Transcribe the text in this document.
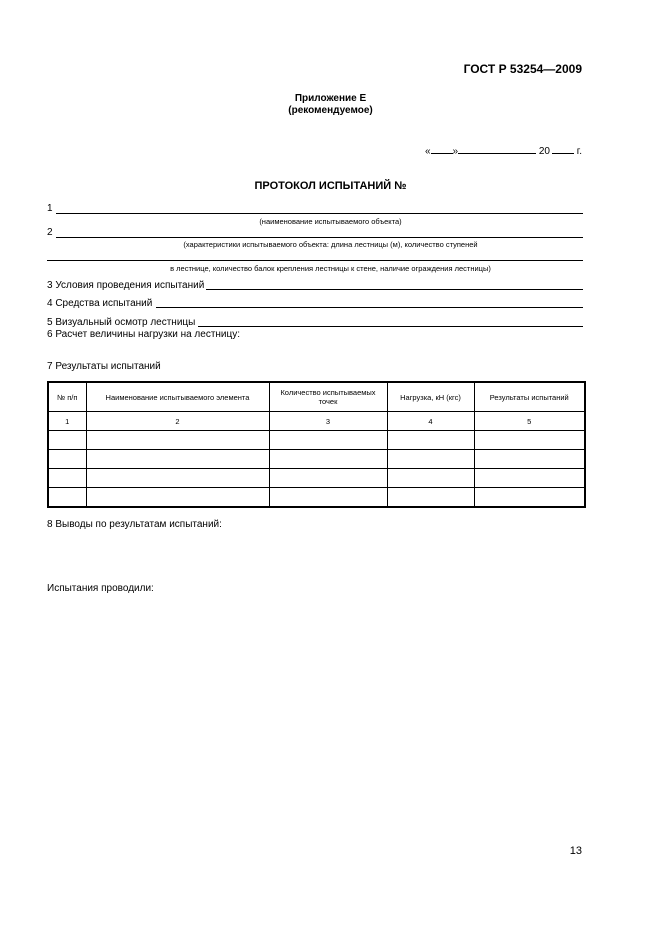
ГОСТ Р 53254—2009
Приложение Е
(рекомендуемое)
« »	20	г.
ПРОТОКОЛ ИСПЫТАНИЙ №
1
(наименование испытываемого объекта)
2
(характеристики испытываемого объекта: длина лестницы (м), количество ступеней
в лестнице, количество балок крепления лестницы к стене, наличие ограждения лестницы)
3 Условия проведения испытаний
4 Средства испытаний
5 Визуальный осмотр лестницы
6 Расчет величины нагрузки на лестницу:
7 Результаты испытаний
№ п/п	Наименование испытываемого элемента	Количество испытываемых точек	Нагрузка, кН (кгс)	Результаты испытаний
1	2	3	4	5

8 Выводы по результатам испытаний:
Испытания проводили:
13
